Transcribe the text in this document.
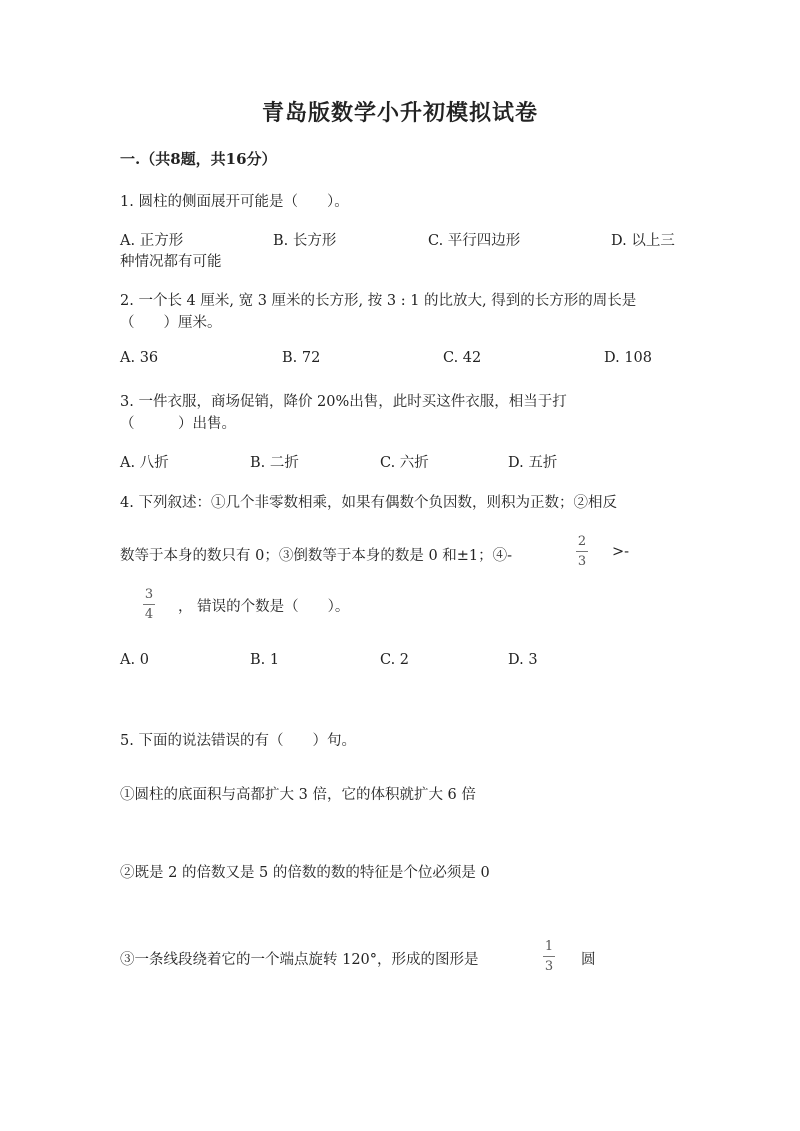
青岛版数学小升初模拟试卷
一.（共8题，共16分）
1. 圆柱的侧面展开可能是（　　）。
A. 正方形	B. 长方形	C. 平行四边形	D. 以上三
种情况都有可能
2. 一个长 4 厘米, 宽 3 厘米的长方形, 按 3 : 1 的比放大, 得到的长方形的周长是
（　　）厘米。
A. 36	B. 72	C. 42	D. 108
3. 一件衣服，商场促销，降价 20%出售，此时买这件衣服，相当于打
（　　　）出售。
A. 八折	B. 二折	C. 六折	D. 五折
4. 下列叙述：①几个非零数相乘，如果有偶数个负因数，则积为正数；②相反
数等于本身的数只有 0；③倒数等于本身的数是 0 和±1；④-
2
3
>-
3
4 ， 错误的个数是（　　）。
A. 0	B. 1	C. 2	D. 3
5. 下面的说法错误的有（　　）句。
①圆柱的底面积与高都扩大 3 倍，它的体积就扩大 6 倍
②既是 2 的倍数又是 5 的倍数的数的特征是个位必须是 0
③一条线段绕着它的一个端点旋转 120°，形成的图形是
1
3 圆
